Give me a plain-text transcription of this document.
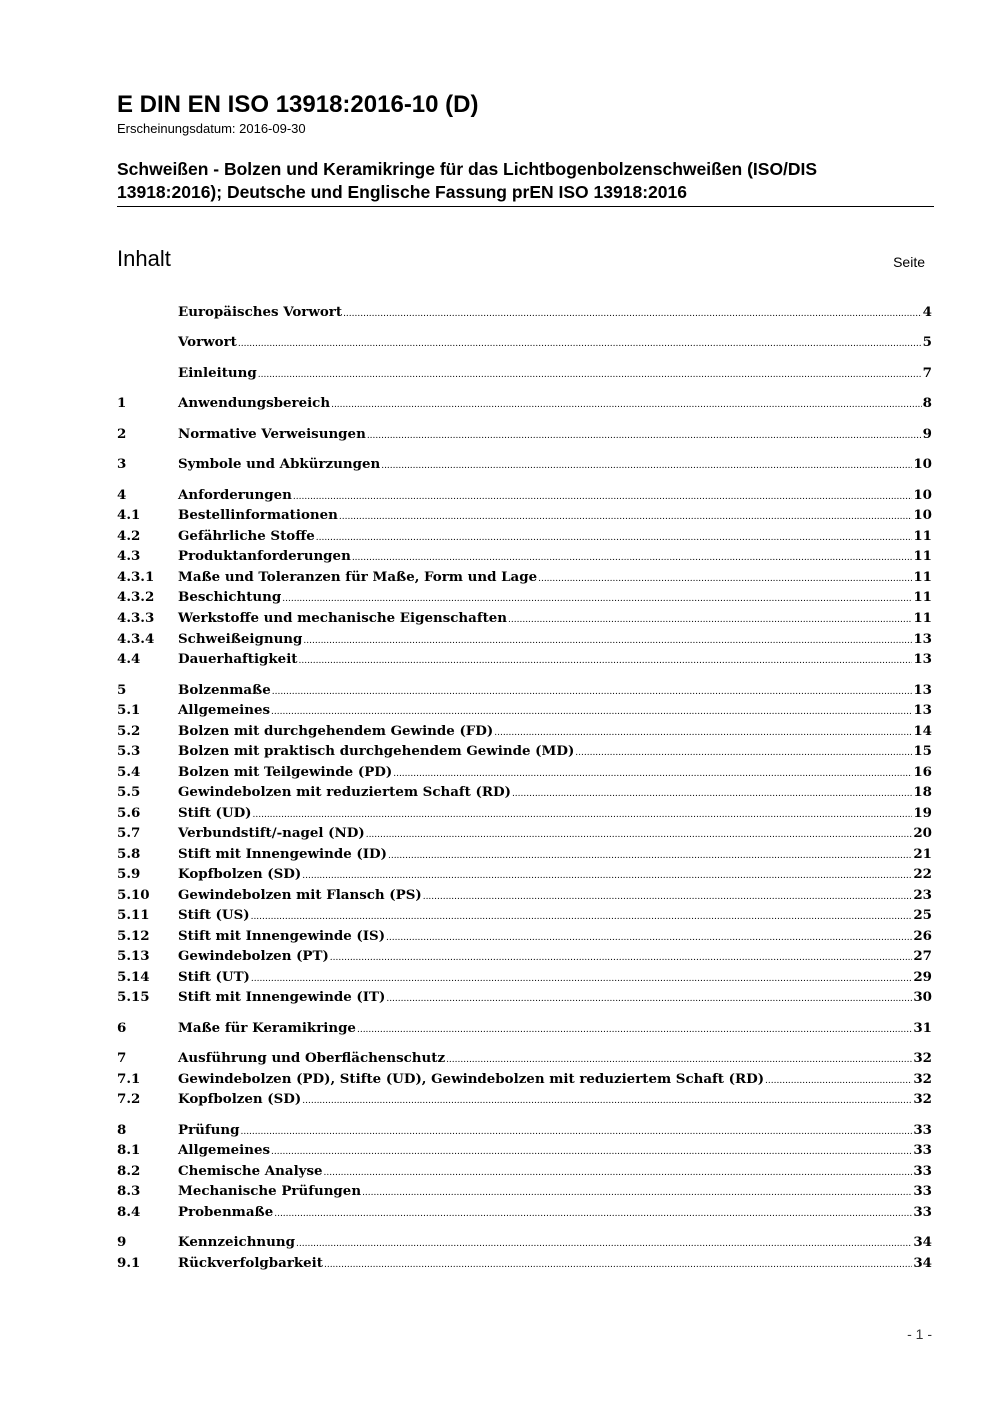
E DIN EN ISO 13918:2016-10 (D)
Erscheinungsdatum: 2016-09-30
Schweißen - Bolzen und Keramikringe für das Lichtbogenbolzenschweißen (ISO/DIS
13918:2016); Deutsche und Englische Fassung prEN ISO 13918:2016
Inhalt	Seite
Europäisches Vorwort .....	4
Vorwort .....	5
Einleitung .....	7
1	Anwendungsbereich .....	8
2	Normative Verweisungen .....	9
3	Symbole und Abkürzungen .....	10
4	Anforderungen .....	10
4.1	Bestellinformationen .....	10
4.2	Gefährliche Stoffe .....	11
4.3	Produktanforderungen .....	11
4.3.1	Maße und Toleranzen für Maße, Form und Lage .....	11
4.3.2	Beschichtung .....	11
4.3.3	Werkstoffe und mechanische Eigenschaften .....	11
4.3.4	Schweißeignung .....	13
4.4	Dauerhaftigkeit .....	13
5	Bolzenmaße .....	13
5.1	Allgemeines .....	13
5.2	Bolzen mit durchgehendem Gewinde (FD) .....	14
5.3	Bolzen mit praktisch durchgehendem Gewinde (MD) .....	15
5.4	Bolzen mit Teilgewinde (PD) .....	16
5.5	Gewindebolzen mit reduziertem Schaft (RD) .....	18
5.6	Stift (UD) .....	19
5.7	Verbundstift/-nagel (ND) .....	20
5.8	Stift mit Innengewinde (ID) .....	21
5.9	Kopfbolzen (SD) .....	22
5.10	Gewindebolzen mit Flansch (PS) .....	23
5.11	Stift (US) .....	25
5.12	Stift mit Innengewinde (IS) .....	26
5.13	Gewindebolzen (PT) .....	27
5.14	Stift (UT) .....	29
5.15	Stift mit Innengewinde (IT) .....	30
6	Maße für Keramikringe .....	31
7	Ausführung und Oberflächenschutz .....	32
7.1	Gewindebolzen (PD), Stifte (UD), Gewindebolzen mit reduziertem Schaft (RD) .....	32
7.2	Kopfbolzen (SD) .....	32
8	Prüfung .....	33
8.1	Allgemeines .....	33
8.2	Chemische Analyse .....	33
8.3	Mechanische Prüfungen .....	33
8.4	Probenmaße .....	33
9	Kennzeichnung .....	34
9.1	Rückverfolgbarkeit .....	34
- 1 -
